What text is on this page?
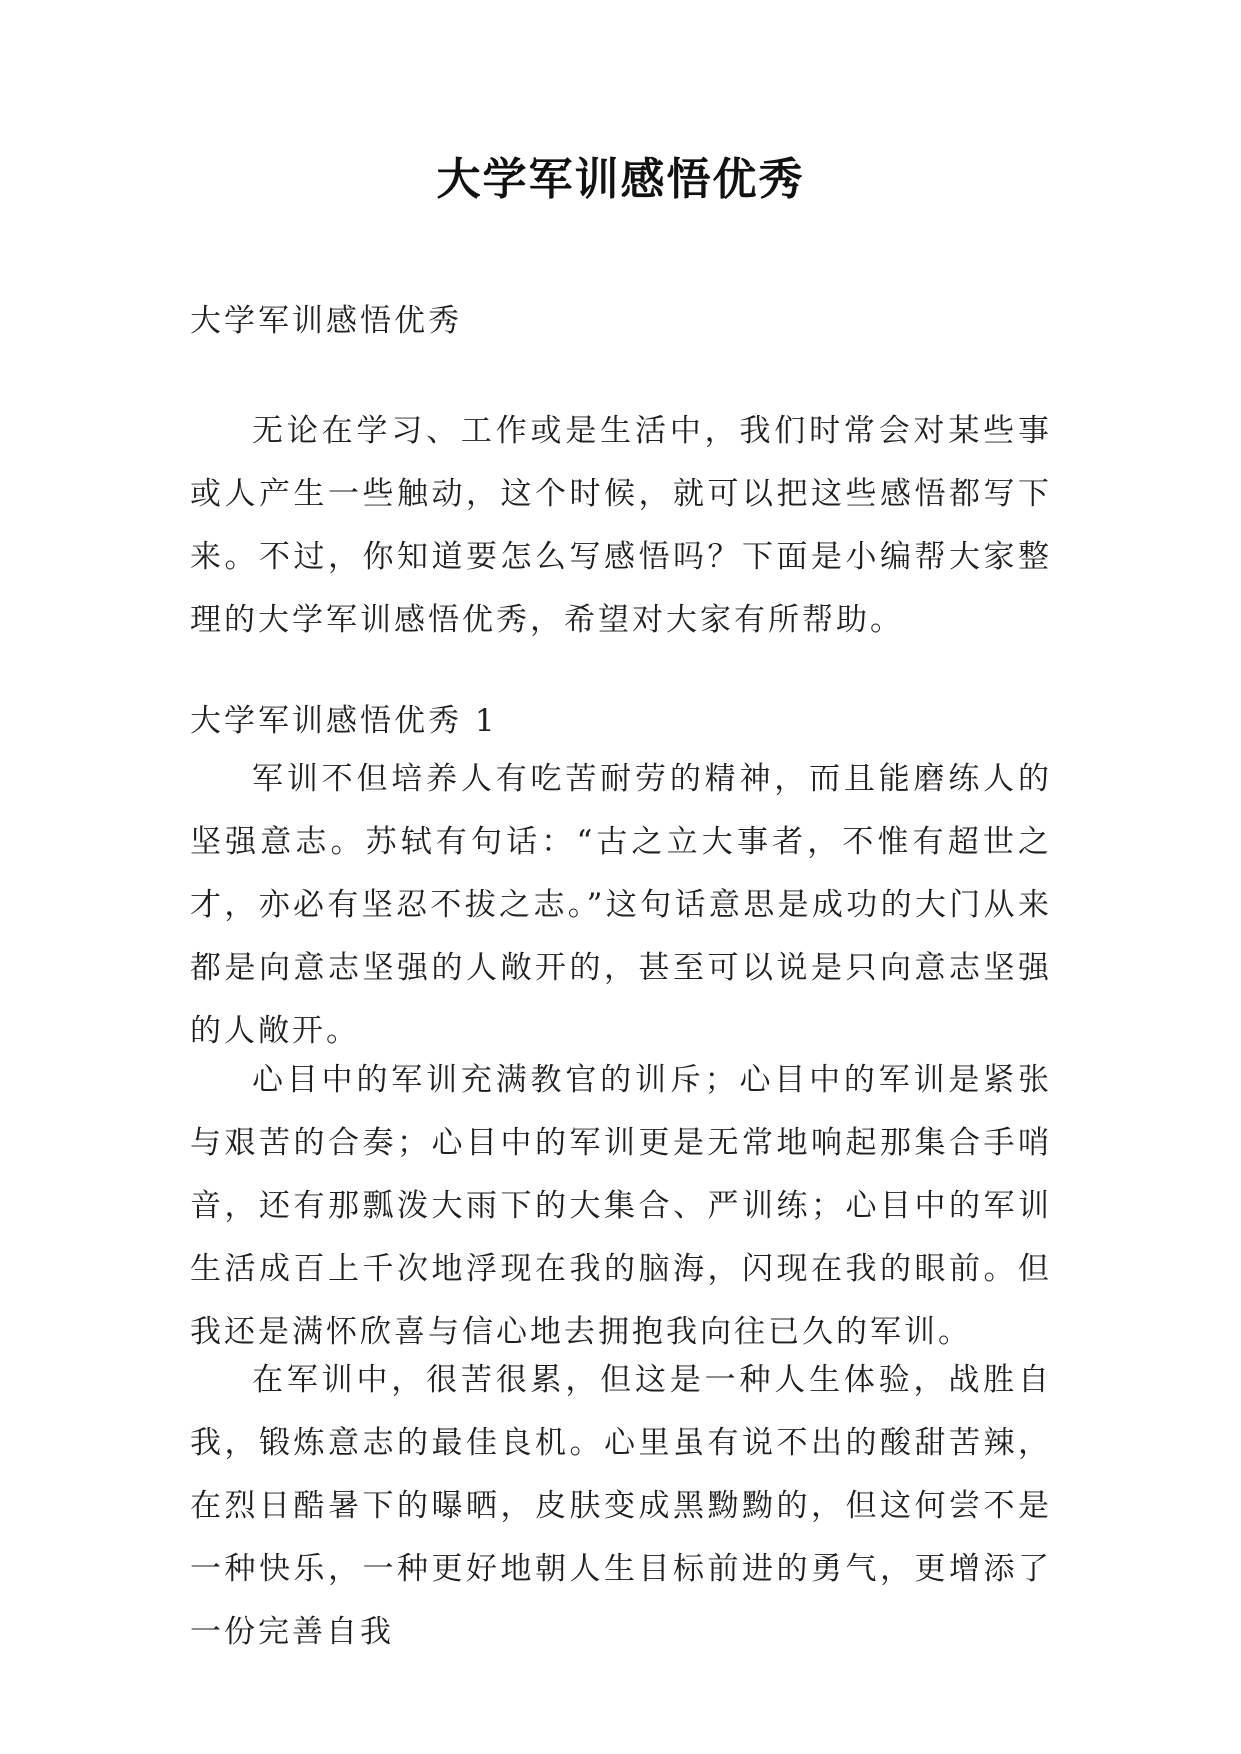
大学军训感悟优秀
大学军训感悟优秀

无论在学习、工作或是生活中，我们时常会对某些事或人产生一些触动，这个时候，就可以把这些感悟都写下来。不过，你知道要怎么写感悟吗？下面是小编帮大家整理的大学军训感悟优秀，希望对大家有所帮助。

大学军训感悟优秀 1

军训不但培养人有吃苦耐劳的精神，而且能磨练人的坚强意志。苏轼有句话：“古之立大事者，不惟有超世之才，亦必有坚忍不拔之志。”这句话意思是成功的大门从来都是向意志坚强的人敞开的，甚至可以说是只向意志坚强的人敞开。

心目中的军训充满教官的训斥；心目中的军训是紧张与艰苦的合奏；心目中的军训更是无常地响起那集合手哨音，还有那瓢泼大雨下的大集合、严训练；心目中的军训生活成百上千次地浮现在我的脑海，闪现在我的眼前。但我还是满怀欣喜与信心地去拥抱我向往已久的军训。

在军训中，很苦很累，但这是一种人生体验，战胜自我，锻炼意志的最佳良机。心里虽有说不出的酸甜苦辣，在烈日酷暑下的曝晒，皮肤变成黑黝黝的，但这何尝不是一种快乐，一种更好地朝人生目标前进的勇气，更增添了一份完善自我
